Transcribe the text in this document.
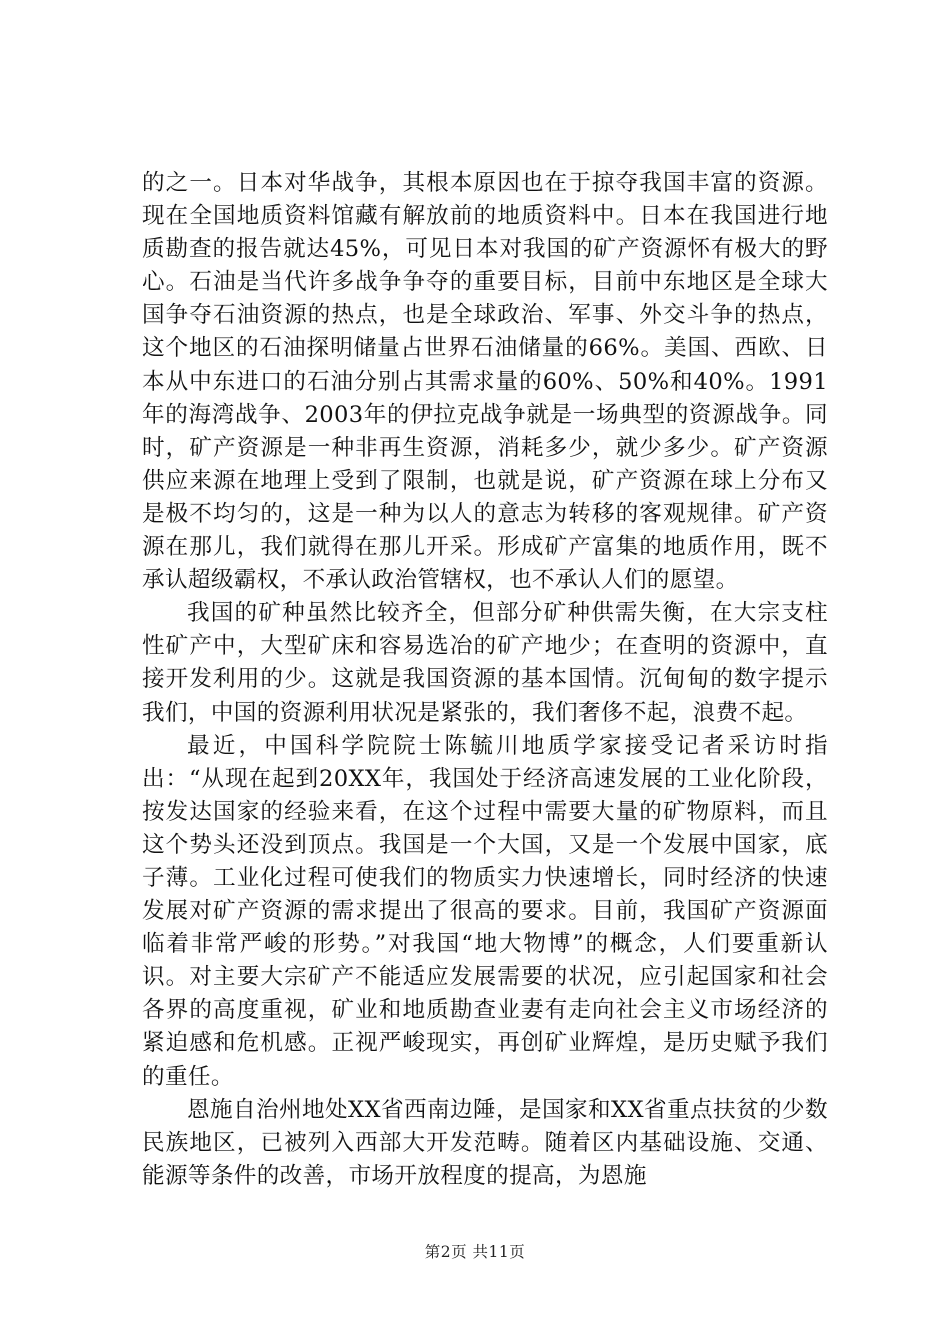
的之一。日本对华战争，其根本原因也在于掠夺我国丰富的资源。现在全国地质资料馆藏有解放前的地质资料中。日本在我国进行地质勘查的报告就达45%，可见日本对我国的矿产资源怀有极大的野心。石油是当代许多战争争夺的重要目标，目前中东地区是全球大国争夺石油资源的热点，也是全球政治、军事、外交斗争的热点，这个地区的石油探明储量占世界石油储量的66%。美国、西欧、日本从中东进口的石油分别占其需求量的60%、50%和40%。1991年的海湾战争、2003年的伊拉克战争就是一场典型的资源战争。同时，矿产资源是一种非再生资源，消耗多少，就少多少。矿产资源供应来源在地理上受到了限制，也就是说，矿产资源在球上分布又是极不均匀的，这是一种为以人的意志为转移的客观规律。矿产资源在那儿，我们就得在那儿开采。形成矿产富集的地质作用，既不承认超级霸权，不承认政治管辖权，也不承认人们的愿望。

我国的矿种虽然比较齐全，但部分矿种供需失衡，在大宗支柱性矿产中，大型矿床和容易选冶的矿产地少；在查明的资源中，直接开发利用的少。这就是我国资源的基本国情。沉甸甸的数字提示我们，中国的资源利用状况是紧张的，我们奢侈不起，浪费不起。

最近，中国科学院院士陈毓川地质学家接受记者采访时指出：“从现在起到20XX年，我国处于经济高速发展的工业化阶段，按发达国家的经验来看，在这个过程中需要大量的矿物原料，而且这个势头还没到顶点。我国是一个大国，又是一个发展中国家，底子薄。工业化过程可使我们的物质实力快速增长，同时经济的快速发展对矿产资源的需求提出了很高的要求。目前，我国矿产资源面临着非常严峻的形势。”对我国“地大物博”的概念，人们要重新认识。对主要大宗矿产不能适应发展需要的状况，应引起国家和社会各界的高度重视，矿业和地质勘查业妻有走向社会主义市场经济的紧迫感和危机感。正视严峻现实，再创矿业辉煌，是历史赋予我们的重任。

恩施自治州地处XX省西南边陲，是国家和XX省重点扶贫的少数民族地区，已被列入西部大开发范畴。随着区内基础设施、交通、能源等条件的改善，市场开放程度的提高，为恩施

第2页 共11页
